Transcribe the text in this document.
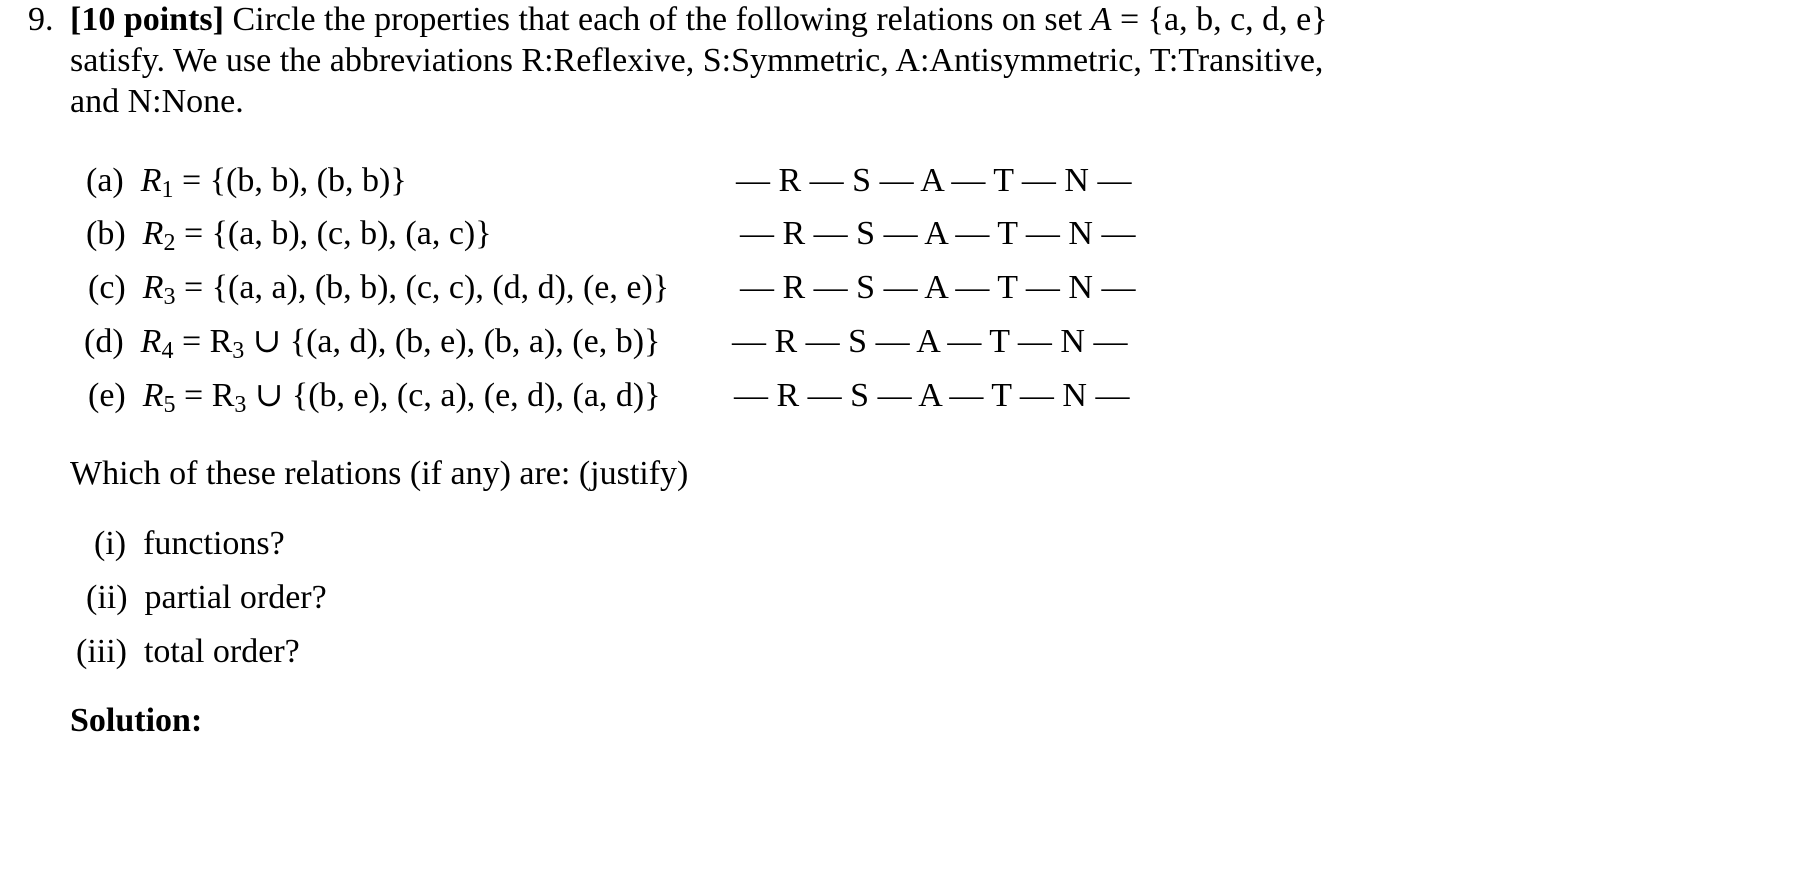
9. [10 points] Circle the properties that each of the following relations on set A = {a, b, c, d, e}
satisfy. We use the abbreviations R:Reflexive, S:Symmetric, A:Antisymmetric, T:Transitive,
and N:None.
(a) $R_1 = \{(b$, b), (b, b)}	— R — S — A — T — N —
(b) $R_2 = \{(a$, b), (c, b), (a, c)}	— R — S — A — T — N —
(c) $R_3 = \{(a$, a), (b, b), (c, c), (d, d), (e, e)} — R — S — A — T — N —
(d) $R_4 = R_3$ ∪ {(a, d), (b, e), (b, a), (e, b)} — R — S — A — T — N —
(e) $R_5 = R_3$ ∪ {(b, e), (c, a), (e, d), (a, d)} — R — S — A — T — N —
Which of these relations (if any) are: (justify)
(i) functions?
(ii) partial order?
(iii) total order?
Solution:
